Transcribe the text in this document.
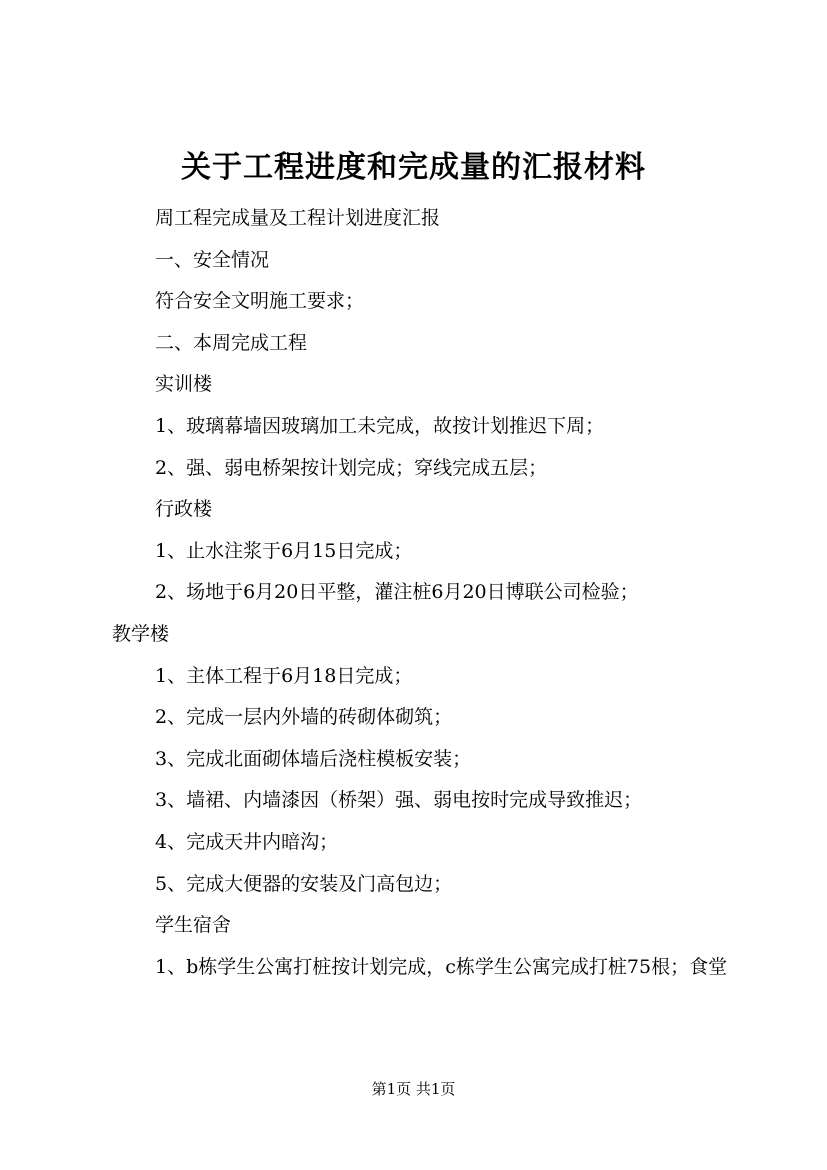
关于工程进度和完成量的汇报材料

周工程完成量及工程计划进度汇报

一、安全情况

符合安全文明施工要求；

二、本周完成工程

实训楼

1、玻璃幕墙因玻璃加工未完成，故按计划推迟下周；

2、强、弱电桥架按计划完成；穿线完成五层；

行政楼

1、止水注浆于6月15日完成；

2、场地于6月20日平整，灌注桩6月20日博联公司检验；

教学楼

1、主体工程于6月18日完成；

2、完成一层内外墙的砖砌体砌筑；

3、完成北面砌体墙后浇柱模板安装；

3、墙裙、内墙漆因（桥架）强、弱电按时完成导致推迟；

4、完成天井内暗沟；

5、完成大便器的安装及门高包边；

学生宿舍

1、b栋学生公寓打桩按计划完成，c栋学生公寓完成打桩75根；食堂

第1页 共1页
